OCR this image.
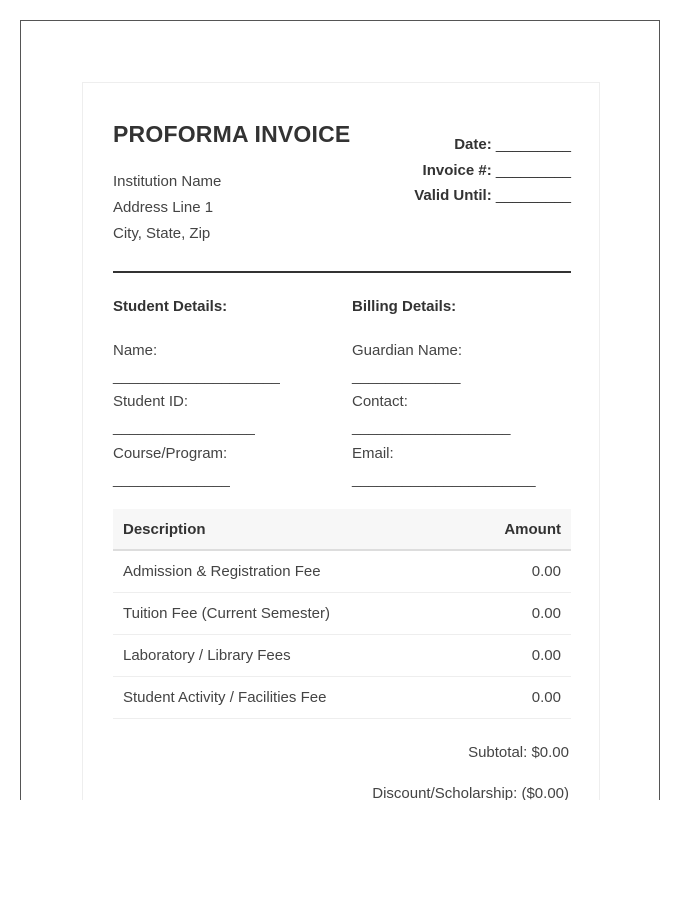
PROFORMA INVOICE
Institution Name
Address Line 1
City, State, Zip
Date: _________
Invoice #: _________
Valid Until: _________
Student Details:
Name: ____________________
Student ID:
_________________
Course/Program:
______________
Billing Details:
Guardian Name:
_____________
Contact: ___________________
Email: ______________________
Description	Amount
Admission & Registration Fee	0.00
Tuition Fee (Current Semester)	0.00
Laboratory / Library Fees	0.00
Student Activity / Facilities Fee	0.00
Subtotal: $0.00
Discount/Scholarship: ($0.00)
